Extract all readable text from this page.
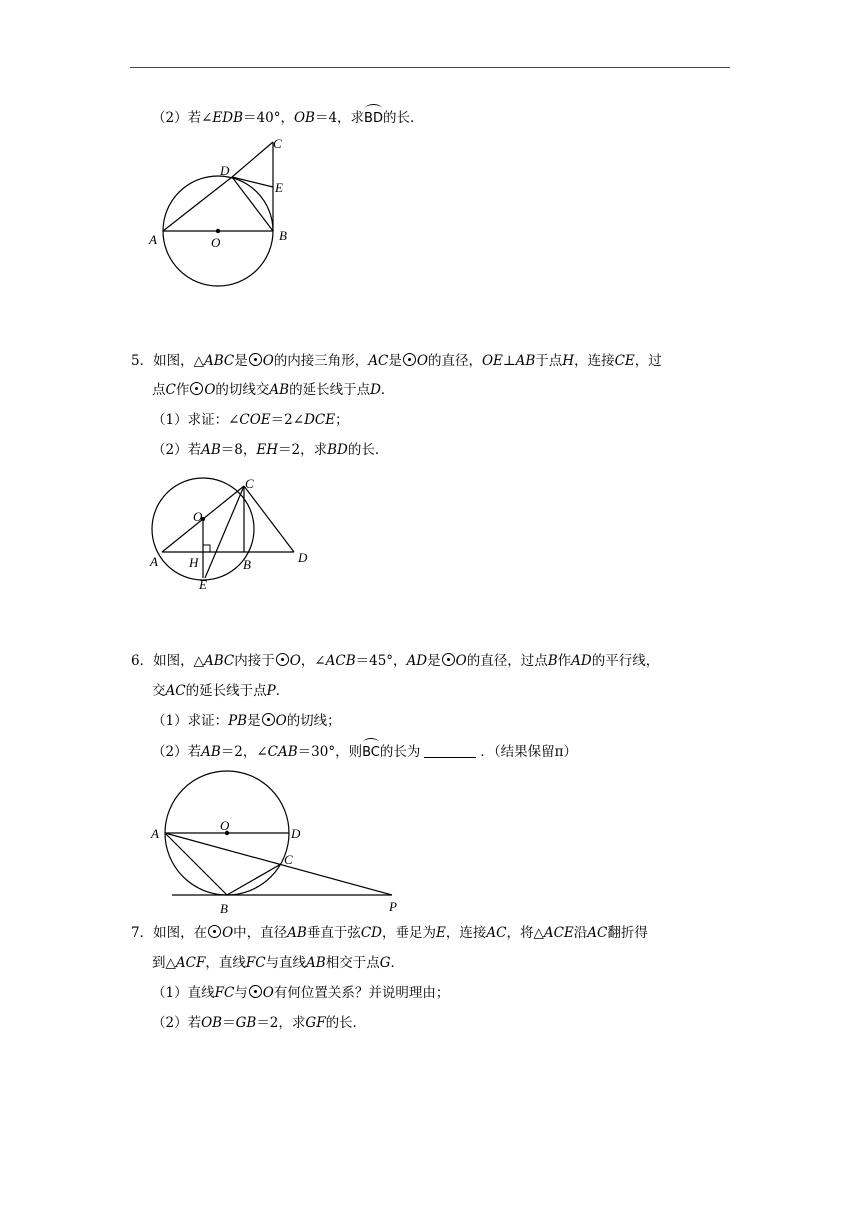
（2）若∠EDB＝40°，OB＝4，求BD的长．
A	O	B
D
C
E
5．如图，△ABC是 O的内接三角形，AC是 O的直径，OE⊥AB于点H，连接CE，过
点C作 O的切线交AB的延长线于点D．
（1）求证：∠COE＝2∠DCE；
（2）若AB＝8，EH＝2，求BD的长．
C
O
A H	B	D
E
6．如图，△ABC内接于 O，∠ACB＝45°，AD是 O的直径，过点B作AD的平行线，
交AC的延长线于点P．
（1）求证：PB是 O的切线；
（2）若AB＝2，∠CAB＝30°，则BC的长为	．（结果保留π）
A
O
D
C
B	P
7．如图，在 O中，直径AB垂直于弦CD，垂足为E，连接AC，将△ACE沿AC翻折得
到△ACF，直线FC与直线AB相交于点G．
（1）直线FC与 O有何位置关系？并说明理由；
（2）若OB＝GB＝2，求GF的长．
